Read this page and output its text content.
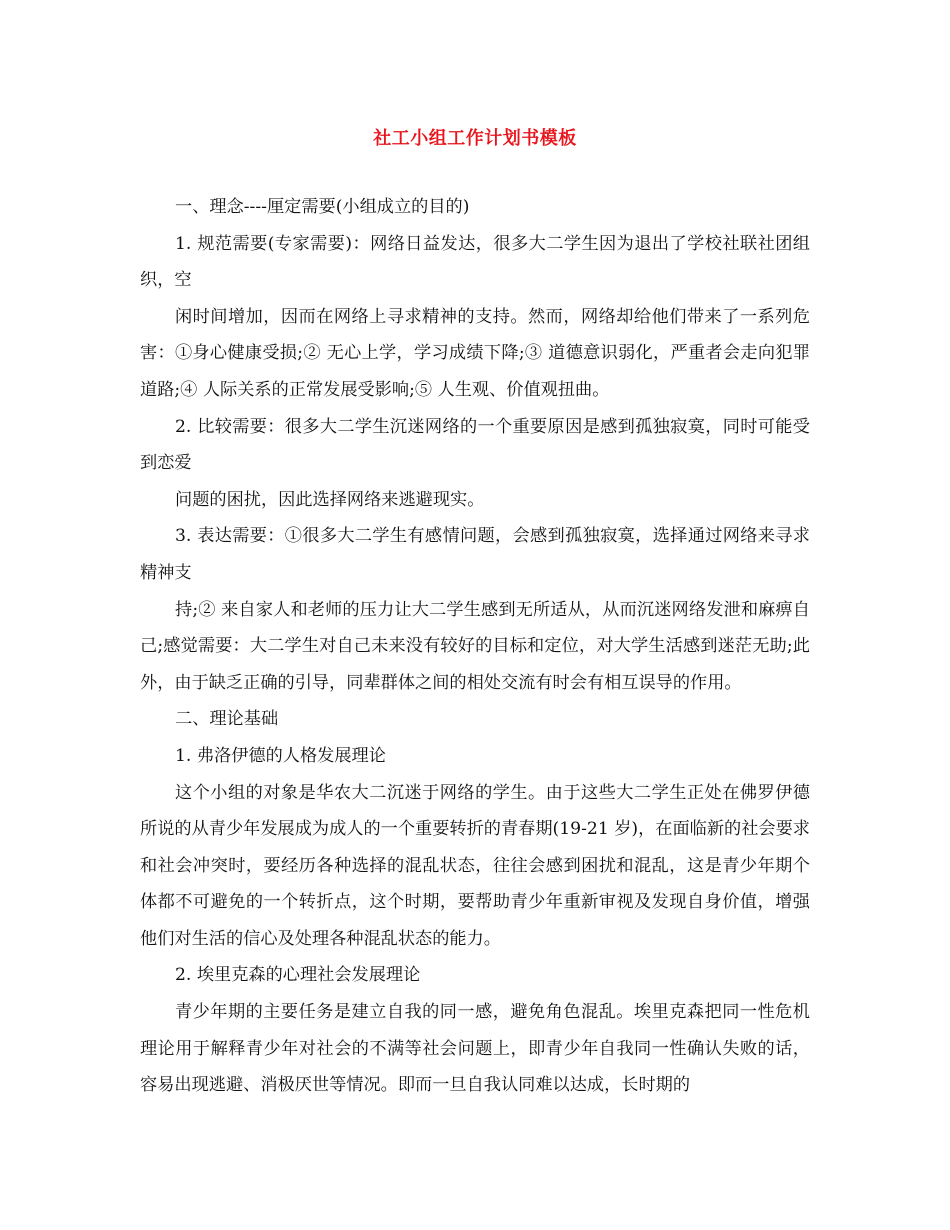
社工小组工作计划书模板

一、理念----厘定需要(小组成立的目的)

1. 规范需要(专家需要)：网络日益发达，很多大二学生因为退出了学校社联社团组织，空

闲时间增加，因而在网络上寻求精神的支持。然而，网络却给他们带来了一系列危害：①身心健康受损;② 无心上学，学习成绩下降;③ 道德意识弱化，严重者会走向犯罪道路;④ 人际关系的正常发展受影响;⑤ 人生观、价值观扭曲。

2. 比较需要：很多大二学生沉迷网络的一个重要原因是感到孤独寂寞，同时可能受到恋爱

问题的困扰，因此选择网络来逃避现实。

3. 表达需要：①很多大二学生有感情问题，会感到孤独寂寞，选择通过网络来寻求精神支

持;② 来自家人和老师的压力让大二学生感到无所适从，从而沉迷网络发泄和麻痹自己;感觉需要：大二学生对自己未来没有较好的目标和定位，对大学生活感到迷茫无助;此外，由于缺乏正确的引导，同辈群体之间的相处交流有时会有相互误导的作用。

二、理论基础

1. 弗洛伊德的人格发展理论

这个小组的对象是华农大二沉迷于网络的学生。由于这些大二学生正处在佛罗伊德所说的从青少年发展成为成人的一个重要转折的青春期(19-21 岁)，在面临新的社会要求和社会冲突时，要经历各种选择的混乱状态，往往会感到困扰和混乱，这是青少年期个体都不可避免的一个转折点，这个时期，要帮助青少年重新审视及发现自身价值，增强他们对生活的信心及处理各种混乱状态的能力。

2. 埃里克森的心理社会发展理论

青少年期的主要任务是建立自我的同一感，避免角色混乱。埃里克森把同一性危机理论用于解释青少年对社会的不满等社会问题上，即青少年自我同一性确认失败的话，容易出现逃避、消极厌世等情况。即而一旦自我认同难以达成，长时期的
